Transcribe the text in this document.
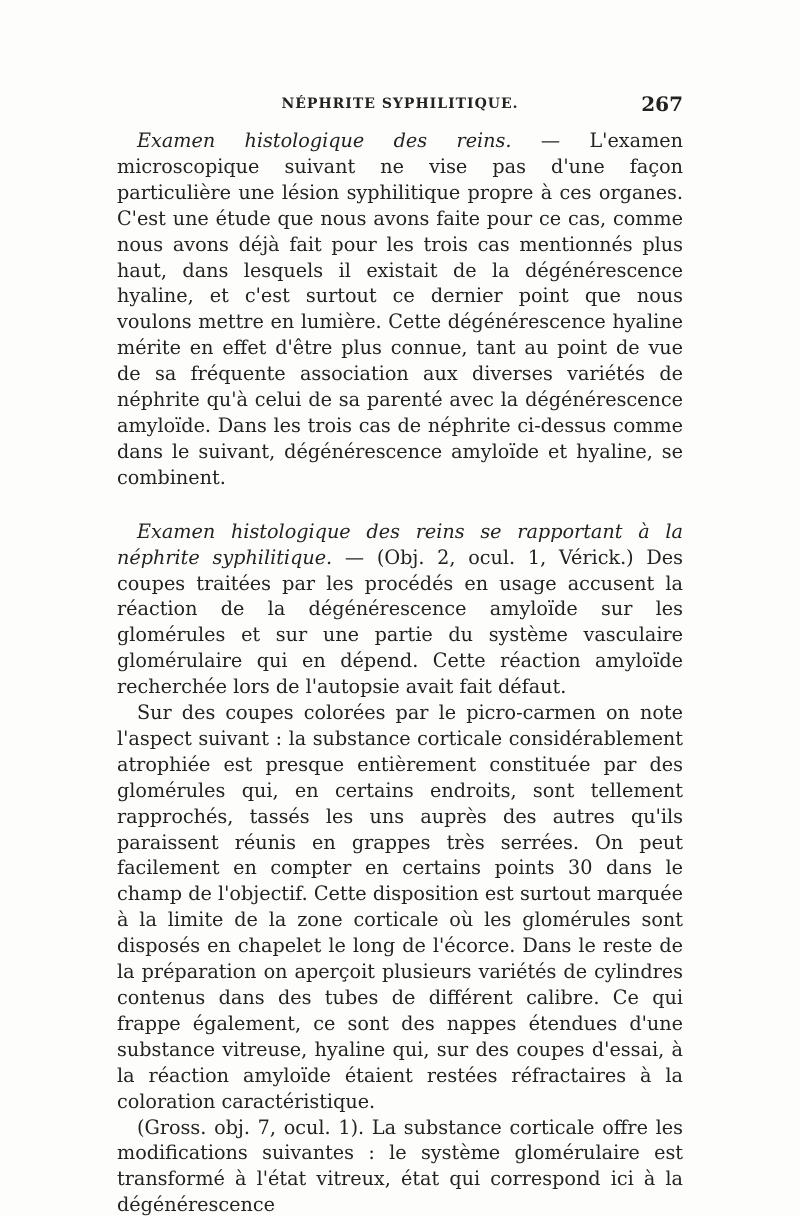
NÉPHRITE SYPHILITIQUE.	267

Examen histologique des reins. — L'examen microscopique suivant ne vise pas d'une façon particulière une lésion syphilitique propre à ces organes. C'est une étude que nous avons faite pour ce cas, comme nous avons déjà fait pour les trois cas mentionnés plus haut, dans lesquels il existait de la dégénérescence hyaline, et c'est surtout ce dernier point que nous voulons mettre en lumière. Cette dégénérescence hyaline mérite en effet d'être plus connue, tant au point de vue de sa fréquente association aux diverses variétés de néphrite qu'à celui de sa parenté avec la dégénérescence amyloïde. Dans les trois cas de néphrite ci-dessus comme dans le suivant, dégénérescence amyloïde et hyaline, se combinent.

Examen histologique des reins se rapportant à la néphrite syphilitique. — (Obj. 2, ocul. 1, Vérick.) Des coupes traitées par les procédés en usage accusent la réaction de la dégénérescence amyloïde sur les glomérules et sur une partie du système vasculaire glomérulaire qui en dépend. Cette réaction amyloïde recherchée lors de l'autopsie avait fait défaut.

Sur des coupes colorées par le picro-carmen on note l'aspect suivant : la substance corticale considérablement atrophiée est presque entièrement constituée par des glomérules qui, en certains endroits, sont tellement rapprochés, tassés les uns auprès des autres qu'ils paraissent réunis en grappes très serrées. On peut facilement en compter en certains points 30 dans le champ de l'objectif. Cette disposition est surtout marquée à la limite de la zone corticale où les glomérules sont disposés en chapelet le long de l'écorce. Dans le reste de la préparation on aperçoit plusieurs variétés de cylindres contenus dans des tubes de différent calibre. Ce qui frappe également, ce sont des nappes étendues d'une substance vitreuse, hyaline qui, sur des coupes d'essai, à la réaction amyloïde étaient restées réfractaires à la coloration caractéristique.

(Gross. obj. 7, ocul. 1). La substance corticale offre les modifications suivantes : le système glomérulaire est transformé à l'état vitreux, état qui correspond ici à la dégénérescence
